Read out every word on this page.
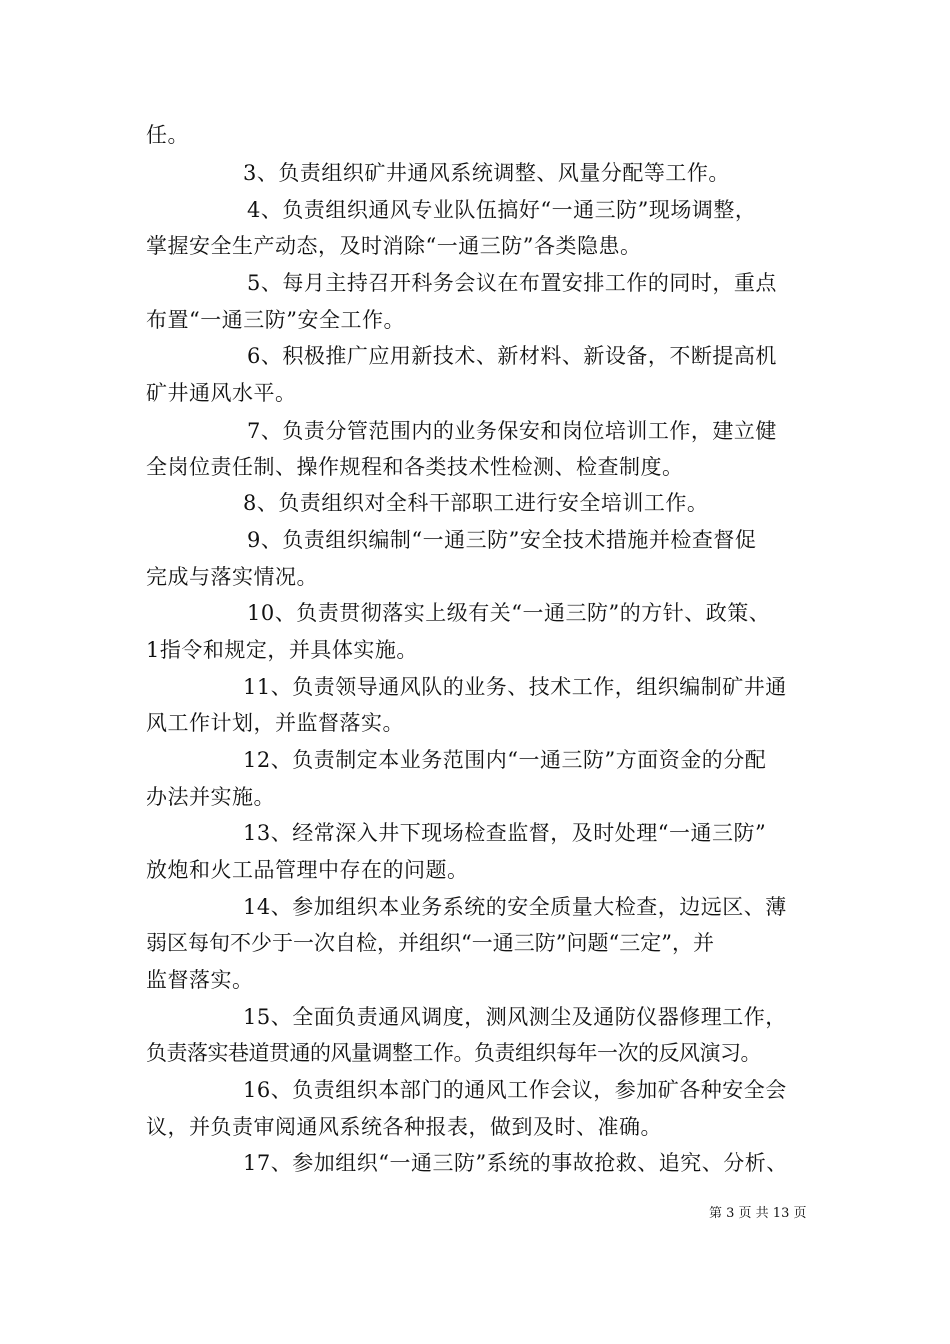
任。
3、负责组织矿井通风系统调整、风量分配等工作。
4、负责组织通风专业队伍搞好“一通三防”现场调整，
掌握安全生产动态，及时消除“一通三防”各类隐患。
5、每月主持召开科务会议在布置安排工作的同时，重点
布置“一通三防”安全工作。
6、积极推广应用新技术、新材料、新设备，不断提高机
矿井通风水平。
7、负责分管范围内的业务保安和岗位培训工作，建立健
全岗位责任制、操作规程和各类技术性检测、检查制度。
8、负责组织对全科干部职工进行安全培训工作。
9、负责组织编制“一通三防”安全技术措施并检查督促
完成与落实情况。
10、负责贯彻落实上级有关“一通三防”的方针、政策、
1指令和规定，并具体实施。
11、负责领导通风队的业务、技术工作，组织编制矿井通
风工作计划，并监督落实。
12、负责制定本业务范围内“一通三防”方面资金的分配
办法并实施。
13、经常深入井下现场检查监督，及时处理“一通三防”
放炮和火工品管理中存在的问题。
14、参加组织本业务系统的安全质量大检查，边远区、薄
弱区每旬不少于一次自检，并组织“一通三防”问题“三定”，并
监督落实。
15、全面负责通风调度，测风测尘及通防仪器修理工作，
负责落实巷道贯通的风量调整工作。负责组织每年一次的反风演习。
16、负责组织本部门的通风工作会议，参加矿各种安全会
议，并负责审阅通风系统各种报表，做到及时、准确。
17、参加组织“一通三防”系统的事故抢救、追究、分析、
第 3 页 共 13 页
